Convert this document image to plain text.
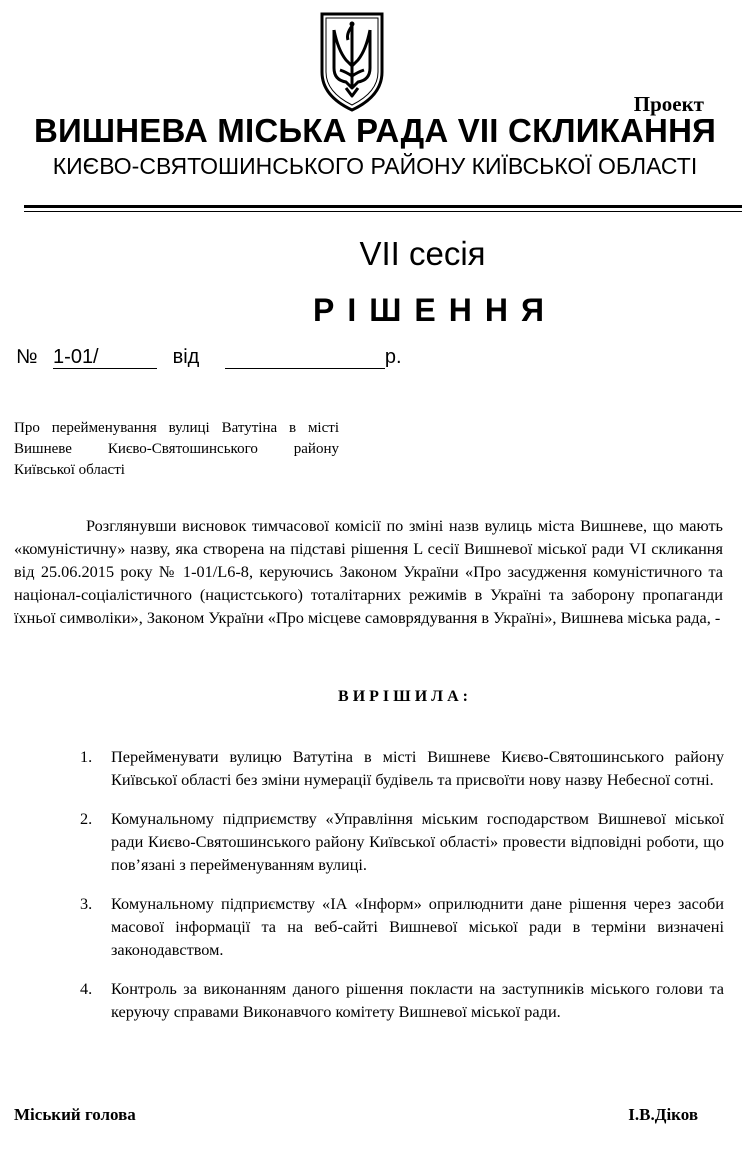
Проект
ВИШНЕВА МІСЬКА РАДА VII СКЛИКАННЯ
КИЄВО-СВЯТОШИНСЬКОГО РАЙОНУ КИЇВСЬКОЇ ОБЛАСТІ
VII сесія
РІШЕННЯ
№ 1-01/	від	р.
Про перейменування вулиці Ватутіна в місті Вишневе Києво-Святошинського району Київської області
Розглянувши висновок тимчасової комісії по зміні назв вулиць міста Вишневе, що мають «комуністичну» назву, яка створена на підставі рішення L сесії Вишневої міської ради VI скликання від 25.06.2015 року № 1-01/L6-8, керуючись Законом України «Про засудження комуністичного та націонал-соціалістичного (нацистського) тоталітарних режимів в Україні та заборону пропаганди їхньої символіки», Законом України «Про місцеве самоврядування в Україні», Вишнева міська рада, -
ВИРІШИЛА:
1. Перейменувати вулицю Ватутіна в місті Вишневе Києво-Святошинського району Київської області без зміни нумерації будівель та присвоїти нову назву Небесної сотні.
2. Комунальному підприємству «Управління міським господарством Вишневої міської ради Києво-Святошинського району Київської області» провести відповідні роботи, що пов’язані з перейменуванням вулиці.
3. Комунальному підприємству «ІА «Інформ» оприлюднити дане рішення через засоби масової інформації та на веб-сайті Вишневої міської ради в терміни визначені законодавством.
4. Контроль за виконанням даного рішення покласти на заступників міського голови та керуючу справами Виконавчого комітету Вишневої міської ради.
Міський голова	І.В.Діков
